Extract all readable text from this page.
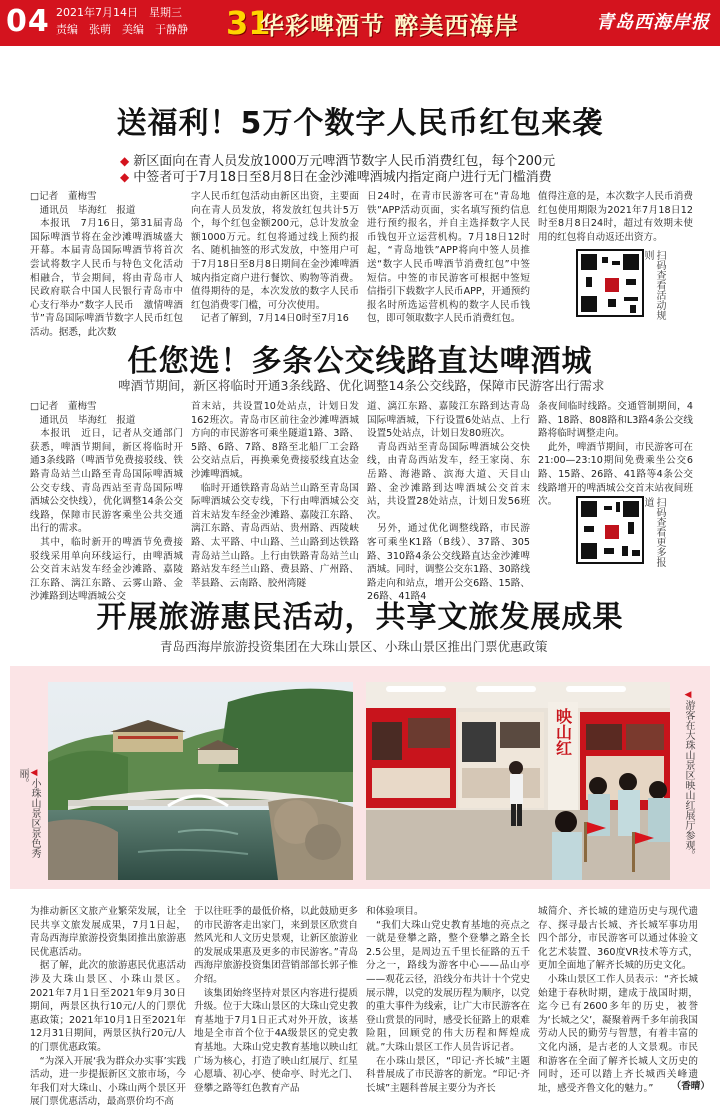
04 2021年7月14日　星期三
责编　张萌　美编　于静静 31
华彩啤酒节 醉美西海岸	青岛西海岸报
送福利！5万个数字人民币红包来袭
◆ 新区面向在青人员发放1000万元啤酒节数字人民币消费红包，每个200元
◆ 中签者可于7月18日至8月8日在金沙滩啤酒城内指定商户进行无门槛消费
□记者　董梅雪
　通讯员　毕海红　报道
　本报讯　7月16日，第31届青岛国际啤酒节将在金沙滩啤酒城盛大开幕。本届青岛国际啤酒节将首次尝试将数字人民币与特色文化活动相融合，节会期间，将由青岛市人民政府联合中国人民银行青岛市中心支行举办“数字人民币　激情啤酒节”青岛国际啤酒节数字人民币红包活动。据悉，此次数
字人民币红包活动由新区出资，主要面向在青人员发放，将发放红包共计5万个，每个红包金额200元，总计发放金额1000万元。红包将通过线上预约报名、随机抽签的形式发放，中签用户可于7月18日至8月8日期间在金沙滩啤酒城内指定商户进行餐饮、购物等消费。值得期待的是，本次发放的数字人民币红包消费零门槛，可分次使用。
　记者了解到，7月14日0时至7月16
日24时，在青市民游客可在“青岛地铁”APP活动页面，实名填写预约信息进行预约报名，并自主选择数字人民币钱包开立运营机构。7月18日12时起，“青岛地铁”APP将向中签人员推送“数字人民币啤酒节消费红包”中签短信。中签的市民游客可根据中签短信指引下载数字人民币APP，开通预约报名时所选运营机构的数字人民币钱包，即可领取数字人民币消费红包。
值得注意的是，本次数字人民币消费红包使用期限为2021年7月18日12时至8月8日24时，超过有效期未使用的红包将自动返还出资方。
扫码查看活动规则
任您选！多条公交线路直达啤酒城
啤酒节期间，新区将临时开通3条线路、优化调整14条公交线路，保障市民游客出行需求
□记者　董梅雪
　通讯员　毕海红　报道
　本报讯　近日，记者从交通部门获悉，啤酒节期间，新区将临时开通3条线路（啤酒节免费接驳线、铁路青岛站兰山路至青岛国际啤酒城公交专线、青岛西站至青岛国际啤酒城公交快线），优化调整14条公交线路，保障市民游客乘坐公共交通出行的需求。
　其中，临时新开的啤酒节免费接驳线采用单向环线运行，由啤酒城公交首末站发车经金沙滩路、嘉陵江东路、漓江东路、云雾山路、金沙滩路到达啤酒城公交
首末站，共设置10处站点，计划日发162班次。青岛市区前往金沙滩啤酒城方向的市民游客可乘坐隧道1路、3路、5路、6路、7路、8路至北船厂工会路公交站点后，再换乘免费接驳线直达金沙滩啤酒城。
　临时开通铁路青岛站兰山路至青岛国际啤酒城公交专线，下行由啤酒城公交首末站发车经金沙滩路、嘉陵江东路、漓江东路、青岛西站、贵州路、西陵峡路、太平路、中山路、兰山路到达铁路青岛站兰山路。上行由铁路青岛站兰山路站发车经兰山路、费县路、广州路、莘县路、云南路、胶州湾隧
道、漓江东路、嘉陵江东路到达青岛国际啤酒城，下行设置6处站点、上行设置5处站点，计划日发80班次。
　青岛西站至青岛国际啤酒城公交快线，由青岛西站发车，经王家岗、东岳路、海港路、滨海大道、天目山路、金沙滩路到达啤酒城公交首末站，共设置28处站点，计划日发56班次。
　另外，通过优化调整线路，市民游客可乘坐K1路（B线）、37路、305路、310路4条公交线路直达金沙滩啤酒城。同时，调整公交东1路、30路线路走向和站点，增开公交6路、15路、26路、41路4
条夜间临时线路。交通管制期间，4路、18路、808路和L3路4条公交线路将临时调整走向。
　此外，啤酒节期间，市民游客可在21:00—23:10期间免费乘坐公交6路、15路、26路、41路等4条公交线路增开的啤酒城公交首末站夜间班次。	扫码查看更多报道
开展旅游惠民活动，共享文旅发展成果
青岛西海岸旅游投资集团在大珠山景区、小珠山景区推出门票优惠政策
◀小珠山景区景色秀丽。
映山红
◀游客在大珠山景区映山红展厅参观。
为推动新区文旅产业繁荣发展，让全民共享文旅发展成果，7月1日起，青岛西海岸旅游投资集团推出旅游惠民优惠活动。
　据了解，此次的旅游惠民优惠活动涉及大珠山景区、小珠山景区。2021年7月1日至2021年9月30日期间，两景区执行10元/人的门票优惠政策；2021年10月1日至2021年12月31日期间，两景区执行20元/人的门票优惠政策。
　“为深入开展‘我为群众办实事’实践活动，进一步提振新区文旅市场，今年我们对大珠山、小珠山两个景区开展门票优惠活动，最高票价均不高
于以往旺季的最低价格，以此鼓励更多的市民游客走出家门，来到景区欣赏自然风光和人文历史景观，让新区旅游业的发展成果惠及更多的市民游客。”青岛西海岸旅游投资集团营销部部长郭子惟介绍。
　该集团始终坚持对景区内容进行提质升级。位于大珠山景区的大珠山党史教育基地于7月1日正式对外开放，该基地是全市首个位于4A级景区的党史教育基地。大珠山党史教育基地以映山红广场为核心，打造了映山红展厅、红星心愿墙、初心亭、使命亭、时光之门、登攀之路等红色教育产品
和体验项目。
　“我们大珠山党史教育基地的亮点之一就是登攀之路，整个登攀之路全长2.5公里，是周边五千里长征路的五千分之一，路线为游客中心——品山亭——观花云径，沿线分布共计十个党史展示牌，以党的发展历程为顺序，以党的重大事件为线索，让广大市民游客在登山赏景的同时，感受长征路上的艰难险阻，回顾党的伟大历程和辉煌成就。”大珠山景区工作人员告诉记者。
　在小珠山景区，“印记·齐长城”主题科普展成了市民游客的新宠。“印记·齐长城”主题科普展主要分为齐长
城简介、齐长城的建造历史与现代遗存、探寻最古长城、齐长城军事功用四个部分，市民游客可以通过体验文化艺术装置、360度VR技术等方式，更加全面地了解齐长城的历史文化。
　小珠山景区工作人员表示：“齐长城始建于春秋时期，建成于战国时期，迄今已有2600多年的历史，被誉为‘长城之父’，凝聚着两千多年前我国劳动人民的勤劳与智慧，有着丰富的文化内涵，是古老的人文景观。市民和游客在全面了解齐长城人文历史的同时，还可以踏上齐长城西关峰遗址，感受齐鲁文化的魅力。”	（香晴）
